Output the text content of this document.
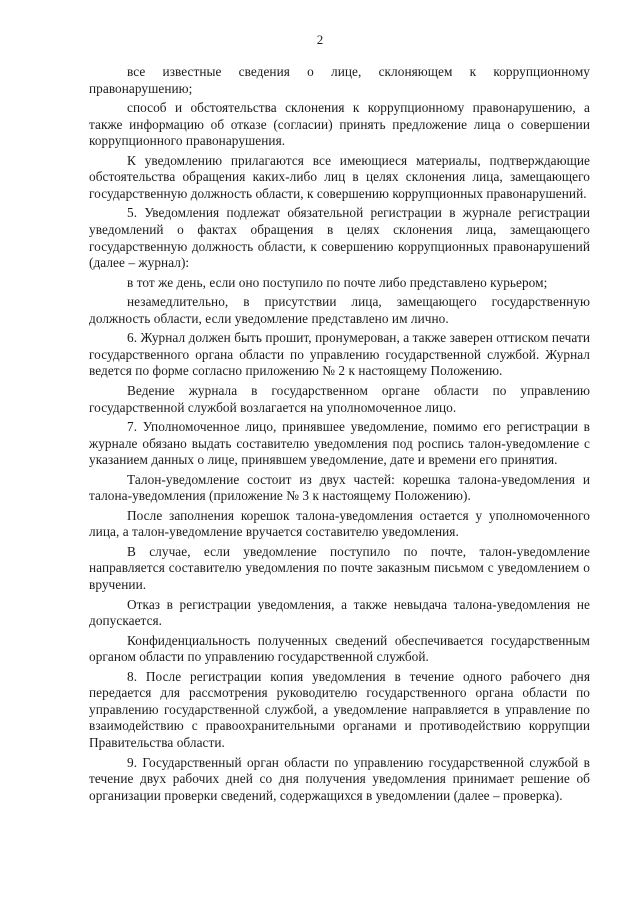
2

все известные сведения о лице, склоняющем к коррупционному правонарушению;

способ и обстоятельства склонения к коррупционному правонарушению, а также информацию об отказе (согласии) принять предложение лица о совершении коррупционного правонарушения.

К уведомлению прилагаются все имеющиеся материалы, подтверждающие обстоятельства обращения каких-либо лиц в целях склонения лица, замещающего государственную должность области, к совершению коррупционных правонарушений.

5. Уведомления подлежат обязательной регистрации в журнале регистрации уведомлений о фактах обращения в целях склонения лица, замещающего государственную должность области, к совершению коррупционных правонарушений (далее – журнал):

в тот же день, если оно поступило по почте либо представлено курьером;

незамедлительно, в присутствии лица, замещающего государственную должность области, если уведомление представлено им лично.

6. Журнал должен быть прошит, пронумерован, а также заверен оттиском печати государственного органа области по управлению государственной службой. Журнал ведется по форме согласно приложению № 2 к настоящему Положению.

Ведение журнала в государственном органе области по управлению государственной службой возлагается на уполномоченное лицо.

7. Уполномоченное лицо, принявшее уведомление, помимо его регистрации в журнале обязано выдать составителю уведомления под роспись талон-уведомление с указанием данных о лице, принявшем уведомление, дате и времени его принятия.

Талон-уведомление состоит из двух частей: корешка талона-уведомления и талона-уведомления (приложение № 3 к настоящему Положению).

После заполнения корешок талона-уведомления остается у уполномоченного лица, а талон-уведомление вручается составителю уведомления.

В случае, если уведомление поступило по почте, талон-уведомление направляется составителю уведомления по почте заказным письмом с уведомлением о вручении.

Отказ в регистрации уведомления, а также невыдача талона-уведомления не допускается.

Конфиденциальность полученных сведений обеспечивается государственным органом области по управлению государственной службой.

8. После регистрации копия уведомления в течение одного рабочего дня передается для рассмотрения руководителю государственного органа области по управлению государственной службой, а уведомление направляется в управление по взаимодействию с правоохранительными органами и противодействию коррупции Правительства области.

9. Государственный орган области по управлению государственной службой в течение двух рабочих дней со дня получения уведомления принимает решение об организации проверки сведений, содержащихся в уведомлении (далее – проверка).
